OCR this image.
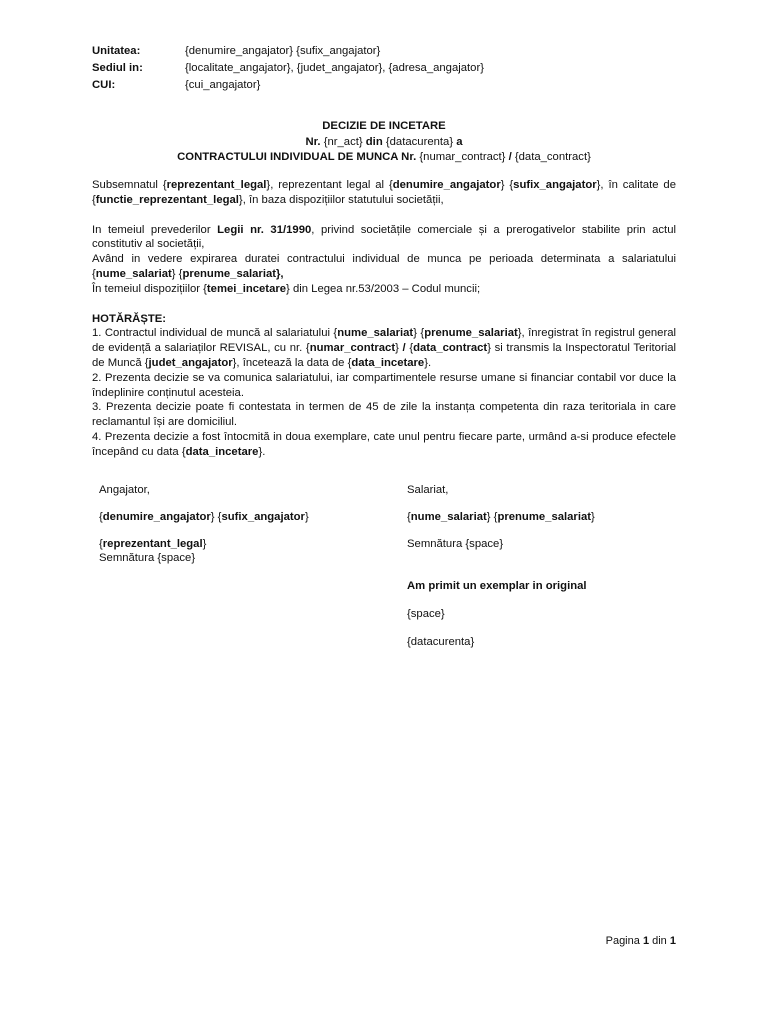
Unitatea:	{denumire_angajator} {sufix_angajator}
Sediul in:	{localitate_angajator}, {judet_angajator}, {adresa_angajator}
CUI:	{cui_angajator}
DECIZIE DE INCETARE
Nr. {nr_act} din {datacurenta} a
CONTRACTULUI INDIVIDUAL DE MUNCA Nr. {numar_contract} / {data_contract}

Subsemnatul {reprezentant_legal}, reprezentant legal al {denumire_angajator} {sufix_angajator}, în calitate de {functie_reprezentant_legal}, în baza dispozițiilor statutului societății,

In temeiul prevederilor Legii nr. 31/1990, privind societățile comerciale și a prerogativelor stabilite prin actul constitutiv al societății,

Având in vedere expirarea duratei contractului individual de munca pe perioada determinata a salariatului {nume_salariat} {prenume_salariat},

În temeiul dispozițiilor {temei_incetare} din Legea nr.53/2003 – Codul muncii;

HOTĂRĂȘTE:

1. Contractul individual de muncă al salariatului {nume_salariat} {prenume_salariat}, înregistrat în registrul general de evidență a salariaților REVISAL, cu nr. {numar_contract} / {data_contract} si transmis la Inspectoratul Teritorial de Muncă {judet_angajator}, încetează la data de {data_incetare}.

2. Prezenta decizie se va comunica salariatului, iar compartimentele resurse umane si financiar contabil vor duce la îndeplinire conținutul acesteia.

3. Prezenta decizie poate fi contestata in termen de 45 de zile la instanța competenta din raza teritoriala in care reclamantul își are domiciliul.

4. Prezenta decizie a fost întocmită in doua exemplare, cate unul pentru fiecare parte, urmând a-si produce efectele începând cu data {data_incetare}.

Angajator,
{denumire_angajator} {sufix_angajator}
{reprezentant_legal}
Semnătura {space}
Salariat,
{nume_salariat} {prenume_salariat}
Semnătura {space}
Am primit un exemplar in original
{space}
{datacurenta}
Pagina 1 din 1
